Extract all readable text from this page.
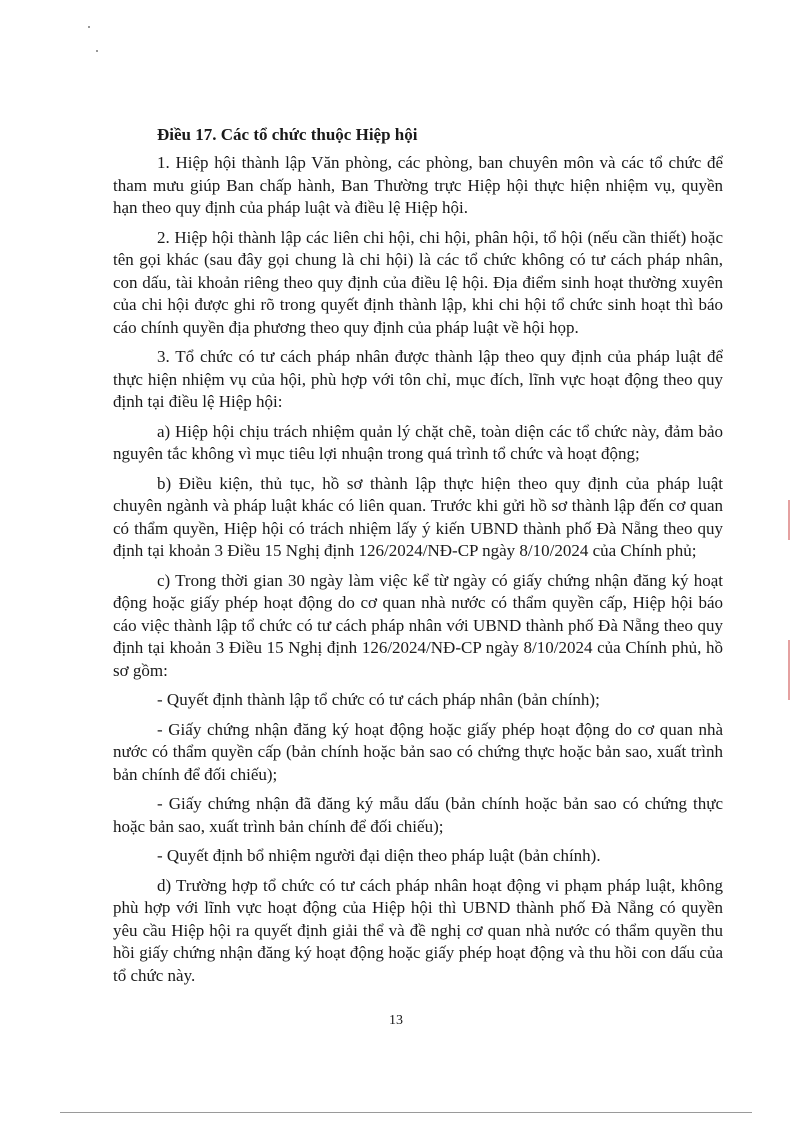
Điều 17. Các tổ chức thuộc Hiệp hội

1. Hiệp hội thành lập Văn phòng, các phòng, ban chuyên môn và các tổ chức để tham mưu giúp Ban chấp hành, Ban Thường trực Hiệp hội thực hiện nhiệm vụ, quyền hạn theo quy định của pháp luật và điều lệ Hiệp hội.

2. Hiệp hội thành lập các liên chi hội, chi hội, phân hội, tổ hội (nếu cần thiết) hoặc tên gọi khác (sau đây gọi chung là chi hội) là các tổ chức không có tư cách pháp nhân, con dấu, tài khoản riêng theo quy định của điều lệ hội. Địa điểm sinh hoạt thường xuyên của chi hội được ghi rõ trong quyết định thành lập, khi chi hội tổ chức sinh hoạt thì báo cáo chính quyền địa phương theo quy định của pháp luật về hội họp.

3. Tổ chức có tư cách pháp nhân được thành lập theo quy định của pháp luật để thực hiện nhiệm vụ của hội, phù hợp với tôn chỉ, mục đích, lĩnh vực hoạt động theo quy định tại điều lệ Hiệp hội:

a) Hiệp hội chịu trách nhiệm quản lý chặt chẽ, toàn diện các tổ chức này, đảm bảo nguyên tắc không vì mục tiêu lợi nhuận trong quá trình tổ chức và hoạt động;

b) Điều kiện, thủ tục, hồ sơ thành lập thực hiện theo quy định của pháp luật chuyên ngành và pháp luật khác có liên quan. Trước khi gửi hồ sơ thành lập đến cơ quan có thẩm quyền, Hiệp hội có trách nhiệm lấy ý kiến UBND thành phố Đà Nẵng theo quy định tại khoản 3 Điều 15 Nghị định 126/2024/NĐ-CP ngày 8/10/2024 của Chính phủ;

c) Trong thời gian 30 ngày làm việc kể từ ngày có giấy chứng nhận đăng ký hoạt động hoặc giấy phép hoạt động do cơ quan nhà nước có thẩm quyền cấp, Hiệp hội báo cáo việc thành lập tổ chức có tư cách pháp nhân với UBND thành phố Đà Nẵng theo quy định tại khoản 3 Điều 15 Nghị định 126/2024/NĐ-CP ngày 8/10/2024 của Chính phủ, hồ sơ gồm:

- Quyết định thành lập tổ chức có tư cách pháp nhân (bản chính);

- Giấy chứng nhận đăng ký hoạt động hoặc giấy phép hoạt động do cơ quan nhà nước có thẩm quyền cấp (bản chính hoặc bản sao có chứng thực hoặc bản sao, xuất trình bản chính để đối chiếu);

- Giấy chứng nhận đã đăng ký mẫu dấu (bản chính hoặc bản sao có chứng thực hoặc bản sao, xuất trình bản chính để đối chiếu);

- Quyết định bổ nhiệm người đại diện theo pháp luật (bản chính).

d) Trường hợp tổ chức có tư cách pháp nhân hoạt động vi phạm pháp luật, không phù hợp với lĩnh vực hoạt động của Hiệp hội thì UBND thành phố Đà Nẵng có quyền yêu cầu Hiệp hội ra quyết định giải thể và đề nghị cơ quan nhà nước có thẩm quyền thu hồi giấy chứng nhận đăng ký hoạt động hoặc giấy phép hoạt động và thu hồi con dấu của tổ chức này.

13
